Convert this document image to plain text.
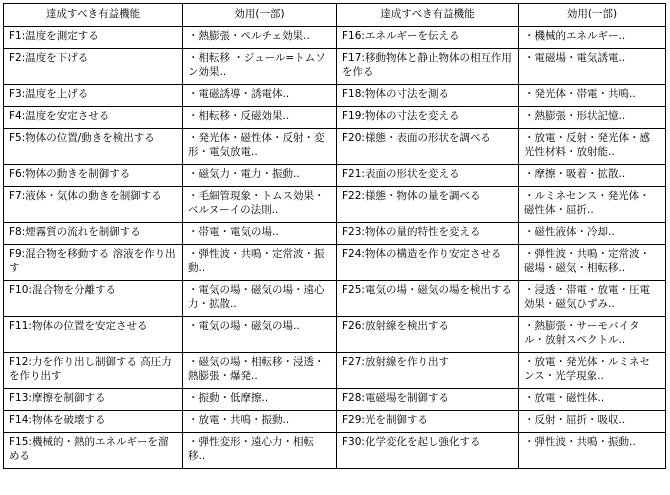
達成すべき有益機能	効用(一部)	達成すべき有益機能	効用(一部)
F1:温度を測定する	・熱膨張・ペルチェ効果..	F16:エネルギーを伝える	・機械的エネルギー..
F2:温度を下げる	・相転移 ・ジュール=トムソン効果..	F17:移動物体と静止物体の相互作用を作る	・電磁場・電気誘電..
F3:温度を上げる	・電磁誘導・誘電体..	F18:物体の寸法を測る	・発光体・帯電・共鳴..
F4:温度を安定させる	・相転移・反磁効果..	F19:物体の寸法を変える	・熱膨張・形状記憶..
F5:物体の位置/動きを検出する	・発光体・磁性体・反射・変形・電気放電..	F20:様態・表面の形状を調べる	・放電・反射・発光体・感光性材料・放射能..
F6:物体の動きを制御する	・磁気力・電力・振動..	F21:表面の形状を変える	・摩擦・吸着・拡散..
F7:液体・気体の動きを制御する	・毛細管現象・トムス効果・ベルヌーイの法則..	F22:様態・物体の量を調べる	・ルミネセンス・発光体・磁性体・屈折..
F8:煙霧質の流れを制御する	・帯電・電気の場..	F23:物体の量的特性を変える	・磁性液体・冷却..
F9:混合物を移動する 溶液を作り出す	・弾性波・共鳴・定常波・振動..	F24:物体の構造を作り安定させる	・弾性波・共鳴・定常波・磁場・磁気・相転移..
F10:混合物を分離する	・電気の場・磁気の場・遠心力・拡散..	F25:電気の場・磁気の場を検出する	・浸透・帯電・放電・圧電効果・磁気ひずみ..
F11:物体の位置を安定させる	・電気の場・磁気の場..	F26:放射線を検出する	・熱膨張・サーモバイタル・放射スペクトル..
F12:力を作り出し制御する 高圧力を作り出す	・磁気の場・相転移・浸透・熱膨張・爆発..	F27:放射線を作り出す	・放電・発光体・ルミネセンス・光学現象..
F13:摩擦を制御する	・振動・低摩擦..	F28:電磁場を制御する	・放電・磁性体..
F14:物体を破壊する	・放電・共鳴・振動..	F29:光を制御する	・反射・屈折・吸収..
F15:機械的・熱的エネルギーを溜める	・弾性変形・遠心力・相転移..	F30:化学変化を起し強化する	・弾性波・共鳴・振動..
